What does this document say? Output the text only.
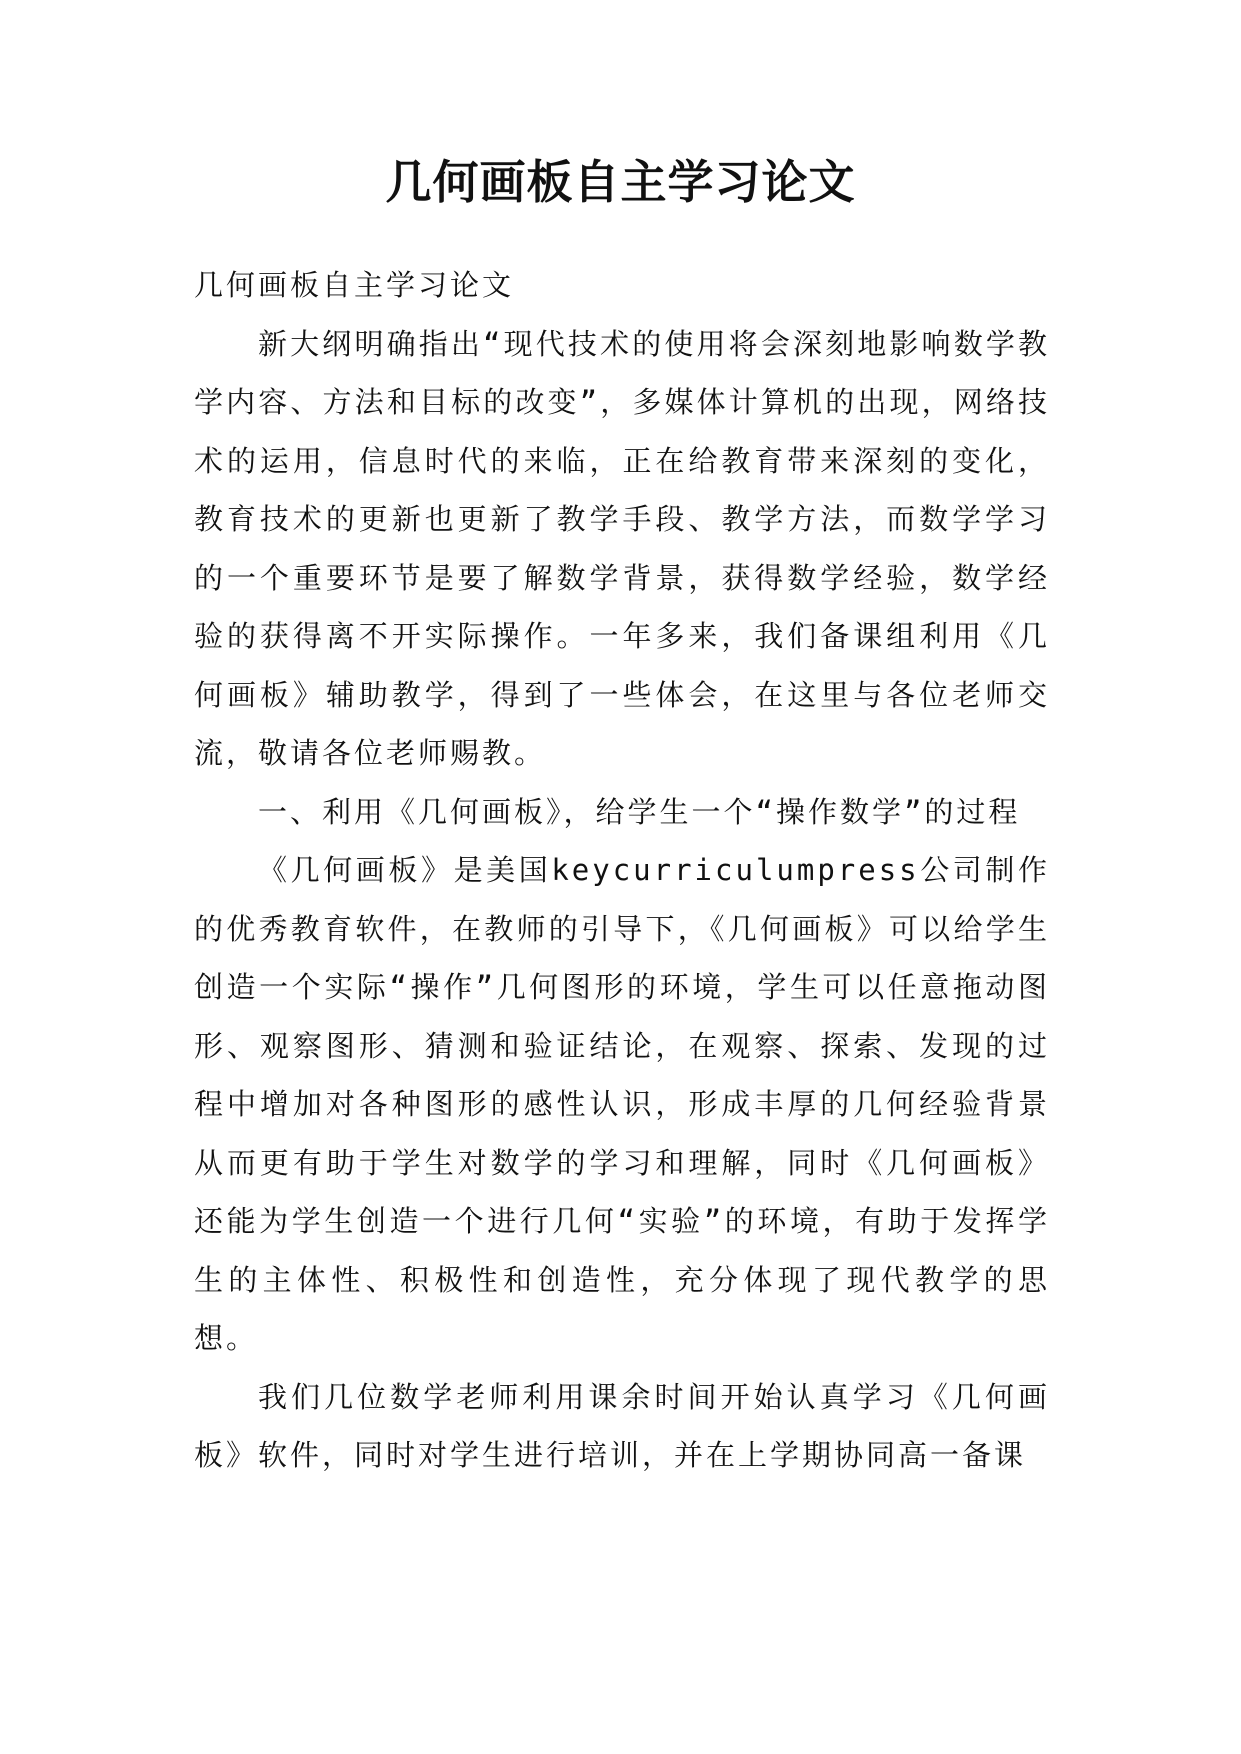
几何画板自主学习论文

几何画板自主学习论文

新大纲明确指出“现代技术的使用将会深刻地影响数学教学内容、方法和目标的改变”，多媒体计算机的出现，网络技术的运用，信息时代的来临，正在给教育带来深刻的变化，教育技术的更新也更新了教学手段、教学方法，而数学学习的一个重要环节是要了解数学背景，获得数学经验，数学经验的获得离不开实际操作。一年多来，我们备课组利用《几何画板》辅助教学，得到了一些体会，在这里与各位老师交流，敬请各位老师赐教。

一、利用《几何画板》，给学生一个“操作数学”的过程

《几何画板》是美国keycurriculumpress公司制作的优秀教育软件，在教师的引导下，《几何画板》可以给学生创造一个实际“操作”几何图形的环境，学生可以任意拖动图形、观察图形、猜测和验证结论，在观察、探索、发现的过程中增加对各种图形的感性认识，形成丰厚的几何经验背景从而更有助于学生对数学的学习和理解，同时《几何画板》还能为学生创造一个进行几何“实验”的环境，有助于发挥学生的主体性、积极性和创造性，充分体现了现代教学的思想。

我们几位数学老师利用课余时间开始认真学习《几何画板》软件，同时对学生进行培训，并在上学期协同高一备课
